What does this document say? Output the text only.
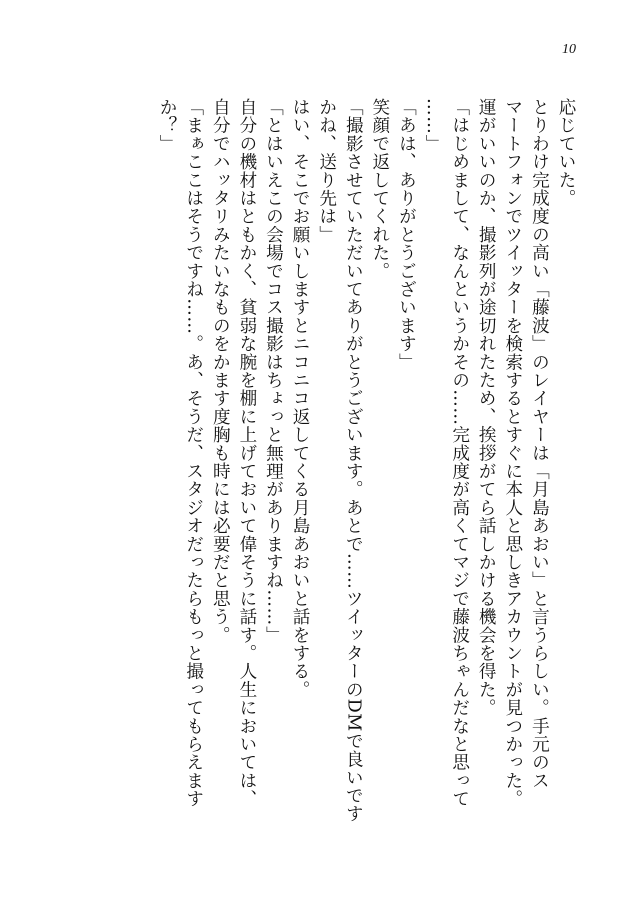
10

応じていた。

とりわけ完成度の高い「藤波」のレイヤーは「月島あおい」と言うらしい。手元のス

マートフォンでツイッターを検索するとすぐに本人と思しきアカウントが見つかった。

運がいいのか、撮影列が途切れたため、挨拶がてら話しかける機会を得た。

「はじめまして、なんというかその……完成度が高くてマジで藤波ちゃんだなと思って

……」

「あは、ありがとうございます」

笑顔で返してくれた。

「撮影させていただいてありがとうございます。あとで……ツイッターのDMで良いです

かね、送り先は」

はい、そこでお願いしますとニコニコ返してくる月島あおいと話をする。

「とはいえこの会場でコス撮影はちょっと無理がありますね……」

自分の機材はともかく、貧弱な腕を棚に上げておいて偉そうに話す。人生においては、

自分でハッタリみたいなものをかます度胸も時には必要だと思う。

「まぁここはそうですね……。あ、そうだ、スタジオだったらもっと撮ってもらえます

か？」
